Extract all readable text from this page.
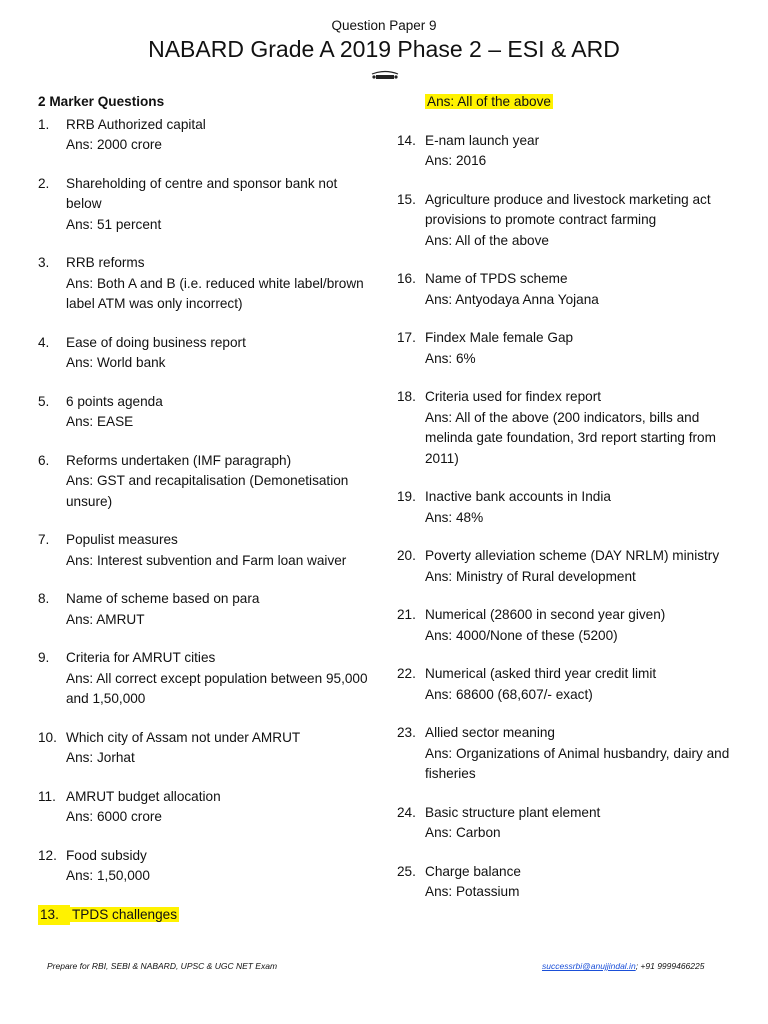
Question Paper 9
NABARD Grade A 2019 Phase 2 – ESI & ARD
2 Marker Questions
1.	RRB Authorized capital
Ans: 2000 crore
2.	Shareholding of centre and sponsor bank not below
Ans: 51 percent
3.	RRB reforms
Ans: Both A and B (i.e. reduced white label/brown label ATM was only incorrect)
4.	Ease of doing business report
Ans: World bank
5.	6 points agenda
Ans: EASE
6.	Reforms undertaken (IMF paragraph)
Ans: GST and recapitalisation (Demonetisation unsure)
7.	Populist measures
Ans: Interest subvention and Farm loan waiver
8.	Name of scheme based on para
Ans: AMRUT
9.	Criteria for AMRUT cities
Ans: All correct except population between 95,000 and 1,50,000
10. Which city of Assam not under AMRUT
Ans: Jorhat
11. AMRUT budget allocation
Ans: 6000 crore
12. Food subsidy
Ans: 1,50,000
13. TPDS challenges
Ans: All of the above
14. E-nam launch year
Ans: 2016
15. Agriculture produce and livestock marketing act provisions to promote contract farming
Ans: All of the above
16. Name of TPDS scheme
Ans: Antyodaya Anna Yojana
17. Findex Male female Gap
Ans: 6%
18. Criteria used for findex report
Ans: All of the above (200 indicators, bills and melinda gate foundation, 3rd report starting from 2011)
19. Inactive bank accounts in India
Ans: 48%
20. Poverty alleviation scheme (DAY NRLM) ministry
Ans: Ministry of Rural development
21. Numerical (28600 in second year given)
Ans: 4000/None of these (5200)
22. Numerical (asked third year credit limit
Ans: 68600 (68,607/- exact)
23. Allied sector meaning
Ans: Organizations of Animal husbandry, dairy and fisheries
24. Basic structure plant element
Ans: Carbon
25. Charge balance
Ans: Potassium
Prepare for RBI, SEBI & NABARD, UPSC & UGC NET Exam	successrbi@anujjindal.in; +91 9999466225
